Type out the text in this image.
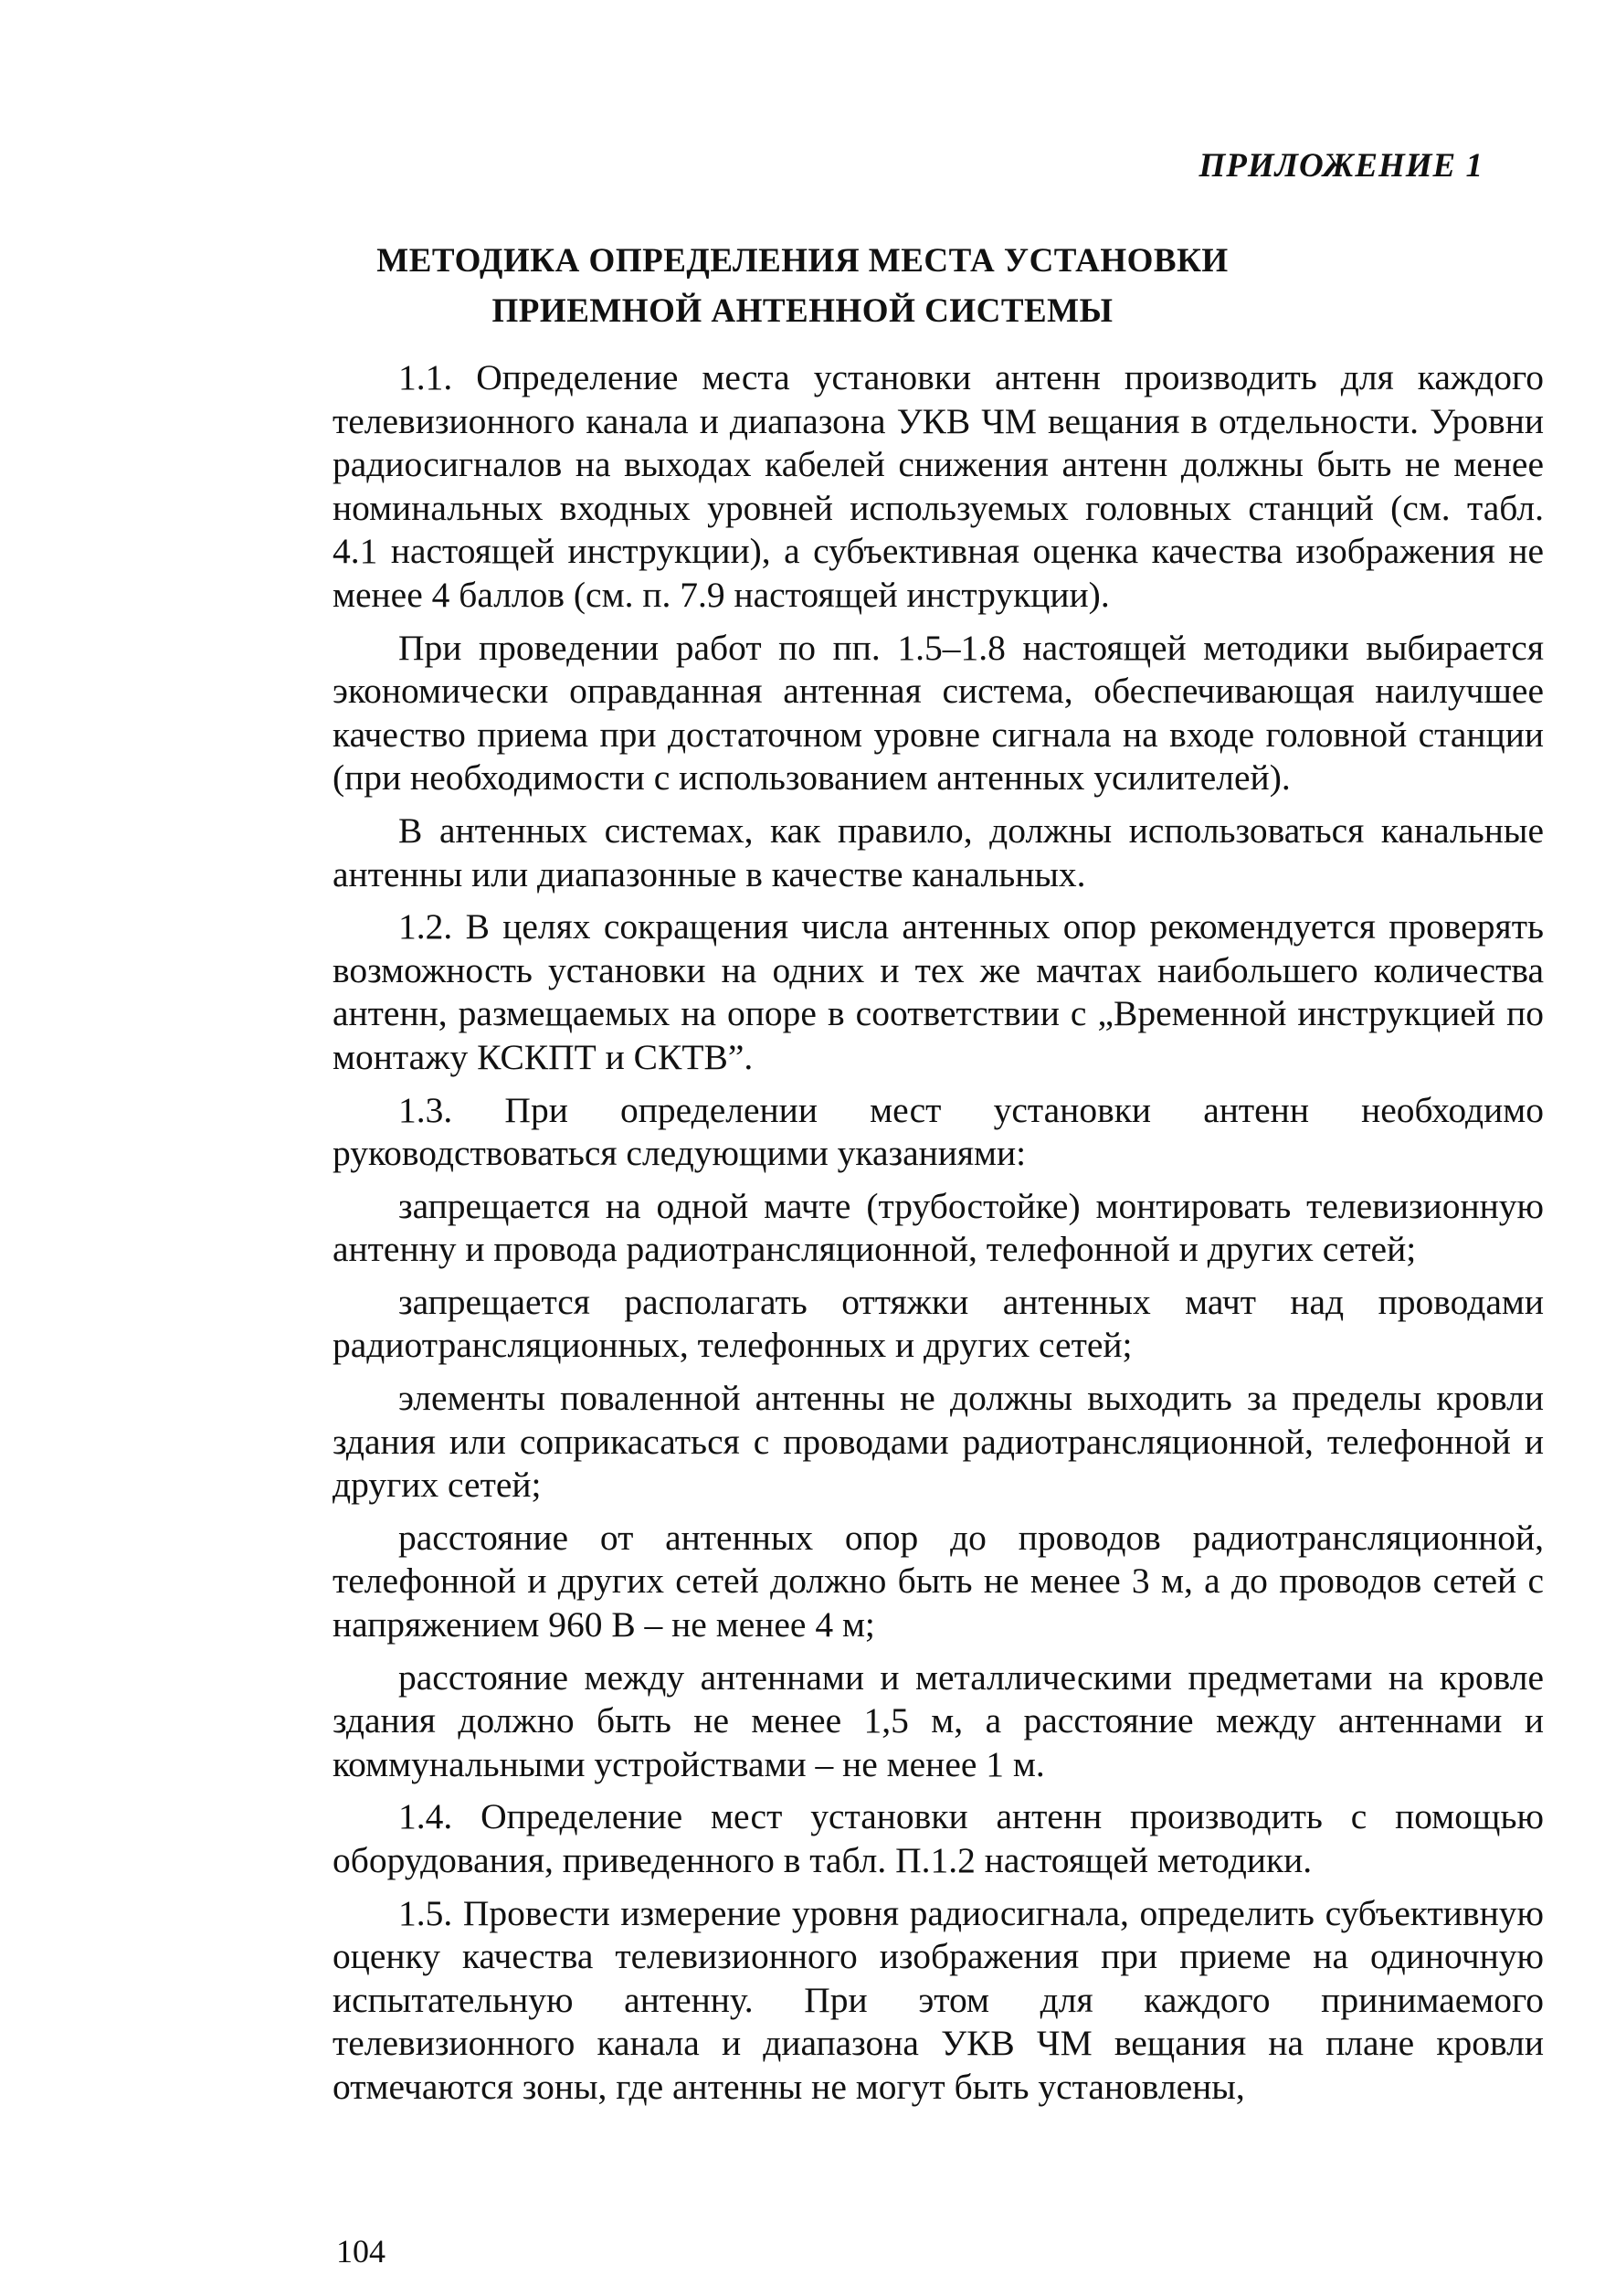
ПРИЛОЖЕНИЕ 1
МЕТОДИКА ОПРЕДЕЛЕНИЯ МЕСТА УСТАНОВКИ
ПРИЕМНОЙ АНТЕННОЙ СИСТЕМЫ

1.1. Определение места установки антенн производить для каждого телевизионного канала и диапазона УКВ ЧМ вещания в отдельности. Уровни радиосигналов на выходах кабелей снижения антенн должны быть не менее номинальных входных уровней используемых головных станций (см. табл. 4.1 настоящей инструкции), а субъективная оценка качества изображения не менее 4 баллов (см. п. 7.9 настоящей инструкции).

При проведении работ по пп. 1.5–1.8 настоящей методики выбирается экономически оправданная антенная система, обеспечивающая наилучшее качество приема при достаточном уровне сигнала на входе головной станции (при необходимости с использованием антенных усилителей).

В антенных системах, как правило, должны использоваться канальные антенны или диапазонные в качестве канальных.

1.2. В целях сокращения числа антенных опор рекомендуется проверять возможность установки на одних и тех же мачтах наибольшего количества антенн, размещаемых на опоре в соответствии с „Временной инструкцией по монтажу КСКПТ и СКТВ”.

1.3. При определении мест установки антенн необходимо руководствоваться следующими указаниями:

запрещается на одной мачте (трубостойке) монтировать телевизионную антенну и провода радиотрансляционной, телефонной и других сетей;

запрещается располагать оттяжки антенных мачт над проводами радиотрансляционных, телефонных и других сетей;

элементы поваленной антенны не должны выходить за пределы кровли здания или соприкасаться с проводами радиотрансляционной, телефонной и других сетей;

расстояние от антенных опор до проводов радиотрансляционной, телефонной и других сетей должно быть не менее 3 м, а до проводов сетей с напряжением 960 В – не менее 4 м;

расстояние между антеннами и металлическими предметами на кровле здания должно быть не менее 1,5 м, а расстояние между антеннами и коммунальными устройствами – не менее 1 м.

1.4. Определение мест установки антенн производить с помощью оборудования, приведенного в табл. П.1.2 настоящей методики.

1.5. Провести измерение уровня радиосигнала, определить субъективную оценку качества телевизионного изображения при приеме на одиночную испытательную антенну. При этом для каждого принимаемого телевизионного канала и диапазона УКВ ЧМ вещания на плане кровли отмечаются зоны, где антенны не могут быть установлены,

104
